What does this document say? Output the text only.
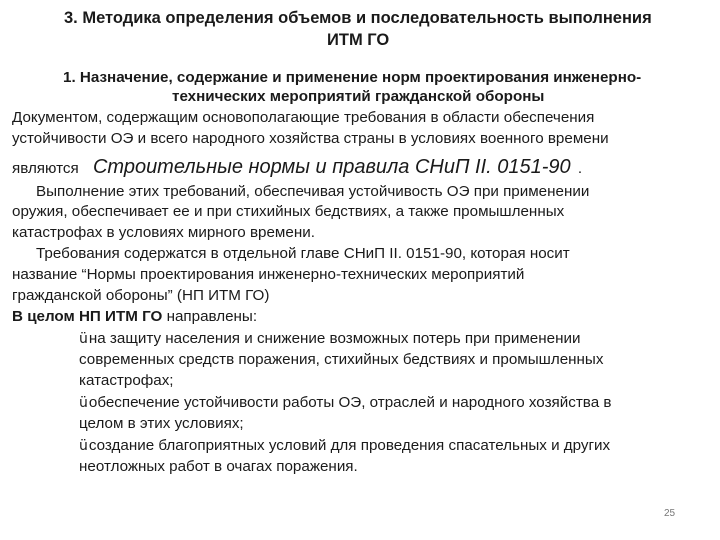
3. Методика определения объемов и последовательность выполнения
ИТМ ГО
1. Назначение, содержание и применение норм проектирования инженерно-
технических мероприятий гражданской обороны
Документом, содержащим основополагающие требования в области обеспечения
устойчивости ОЭ и всего народного хозяйства страны в условиях военного времени
являются Строительные нормы и правила СНиП II. 0151-90 .
Выполнение этих требований, обеспечивая устойчивость ОЭ при применении
оружия, обеспечивает ее и при стихийных бедствиях, а также промышленных
катастрофах в условиях мирного времени.
Требования содержатся в отдельной главе СНиП II. 0151-90, которая носит
название “Нормы проектирования инженерно-технических мероприятий
гражданской обороны” (НП ИТМ ГО)
В целом НП ИТМ ГО направлены:
üна защиту населения и снижение возможных потерь при применении
современных средств поражения, стихийных бедствиях и промышленных
катастрофах;
üобеспечение устойчивости работы ОЭ, отраслей и народного хозяйства в
целом в этих условиях;
üсоздание благоприятных условий для проведения спасательных и других
неотложных работ в очагах поражения.
25
